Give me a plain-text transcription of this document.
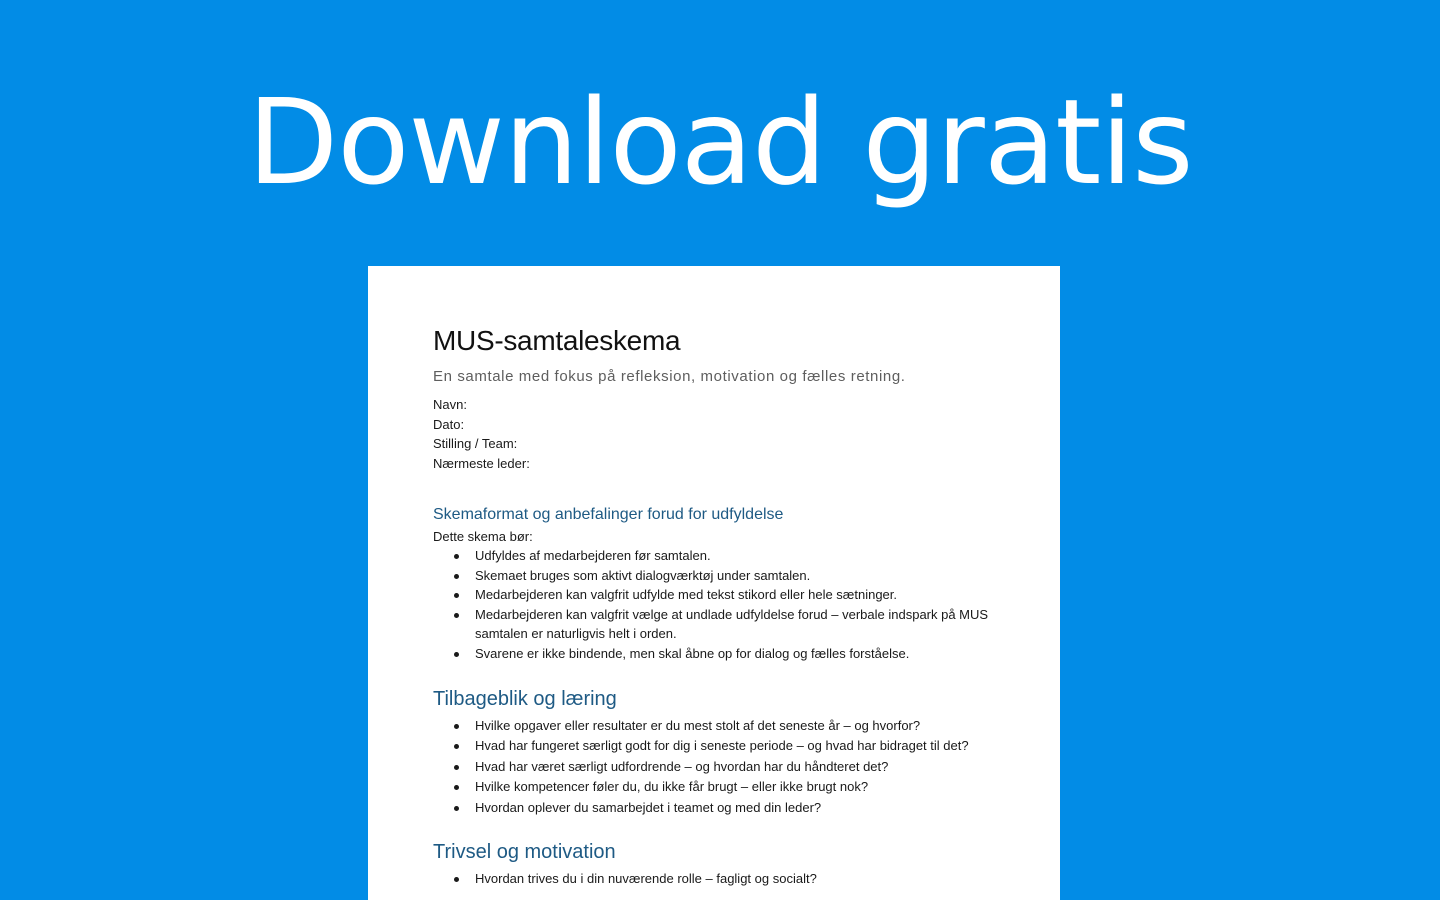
Download gratis
MUS-samtaleskema

En samtale med fokus på refleksion, motivation og fælles retning.

Navn:
Dato:
Stilling / Team:
Nærmeste leder:
Skemaformat og anbefalinger forud for udfyldelse

Dette skema bør:

Udfyldes af medarbejderen før samtalen.
Skemaet bruges som aktivt dialogværktøj under samtalen.
Medarbejderen kan valgfrit udfylde med tekst stikord eller hele sætninger.
Medarbejderen kan valgfrit vælge at undlade udfyldelse forud – verbale indspark på MUS samtalen er naturligvis helt i orden.
Svarene er ikke bindende, men skal åbne op for dialog og fælles forståelse.
Tilbageblik og læring
Hvilke opgaver eller resultater er du mest stolt af det seneste år – og hvorfor?
Hvad har fungeret særligt godt for dig i seneste periode – og hvad har bidraget til det?
Hvad har været særligt udfordrende – og hvordan har du håndteret det?
Hvilke kompetencer føler du, du ikke får brugt – eller ikke brugt nok?
Hvordan oplever du samarbejdet i teamet og med din leder?
Trivsel og motivation
Hvordan trives du i din nuværende rolle – fagligt og socialt?
